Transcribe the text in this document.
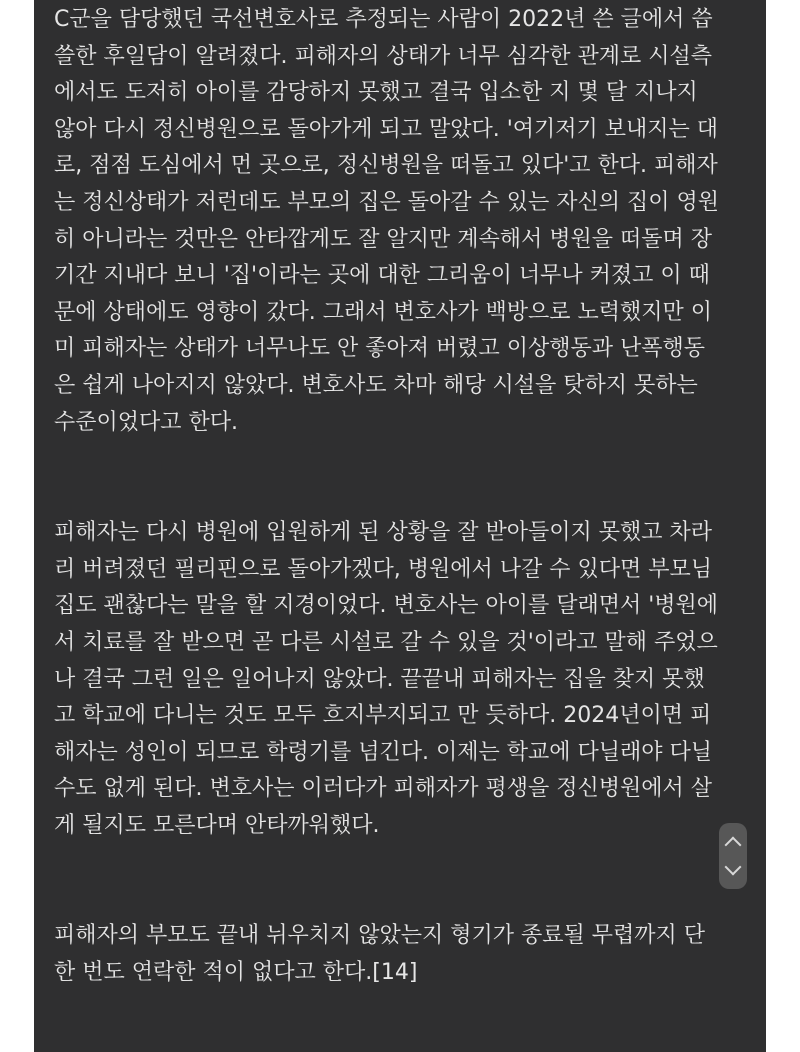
C군을 담당했던 국선변호사로 추정되는 사람이 2022년 쓴 글에서 씁
쓸한 후일담이 알려졌다. 피해자의 상태가 너무 심각한 관계로 시설측
에서도 도저히 아이를 감당하지 못했고 결국 입소한 지 몇 달 지나지
않아 다시 정신병원으로 돌아가게 되고 말았다. '여기저기 보내지는 대
로, 점점 도심에서 먼 곳으로, 정신병원을 떠돌고 있다'고 한다. 피해자
는 정신상태가 저런데도 부모의 집은 돌아갈 수 있는 자신의 집이 영원
히 아니라는 것만은 안타깝게도 잘 알지만 계속해서 병원을 떠돌며 장
기간 지내다 보니 '집'이라는 곳에 대한 그리움이 너무나 커졌고 이 때
문에 상태에도 영향이 갔다. 그래서 변호사가 백방으로 노력했지만 이
미 피해자는 상태가 너무나도 안 좋아져 버렸고 이상행동과 난폭행동
은 쉽게 나아지지 않았다. 변호사도 차마 해당 시설을 탓하지 못하는
수준이었다고 한다.

피해자는 다시 병원에 입원하게 된 상황을 잘 받아들이지 못했고 차라
리 버려졌던 필리핀으로 돌아가겠다, 병원에서 나갈 수 있다면 부모님
집도 괜찮다는 말을 할 지경이었다. 변호사는 아이를 달래면서 '병원에
서 치료를 잘 받으면 곧 다른 시설로 갈 수 있을 것'이라고 말해 주었으
나 결국 그런 일은 일어나지 않았다. 끝끝내 피해자는 집을 찾지 못했
고 학교에 다니는 것도 모두 흐지부지되고 만 듯하다. 2024년이면 피
해자는 성인이 되므로 학령기를 넘긴다. 이제는 학교에 다닐래야 다닐
수도 없게 된다. 변호사는 이러다가 피해자가 평생을 정신병원에서 살
게 될지도 모른다며 안타까워했다.

피해자의 부모도 끝내 뉘우치지 않았는지 형기가 종료될 무렵까지 단
한 번도 연락한 적이 없다고 한다.[14]
